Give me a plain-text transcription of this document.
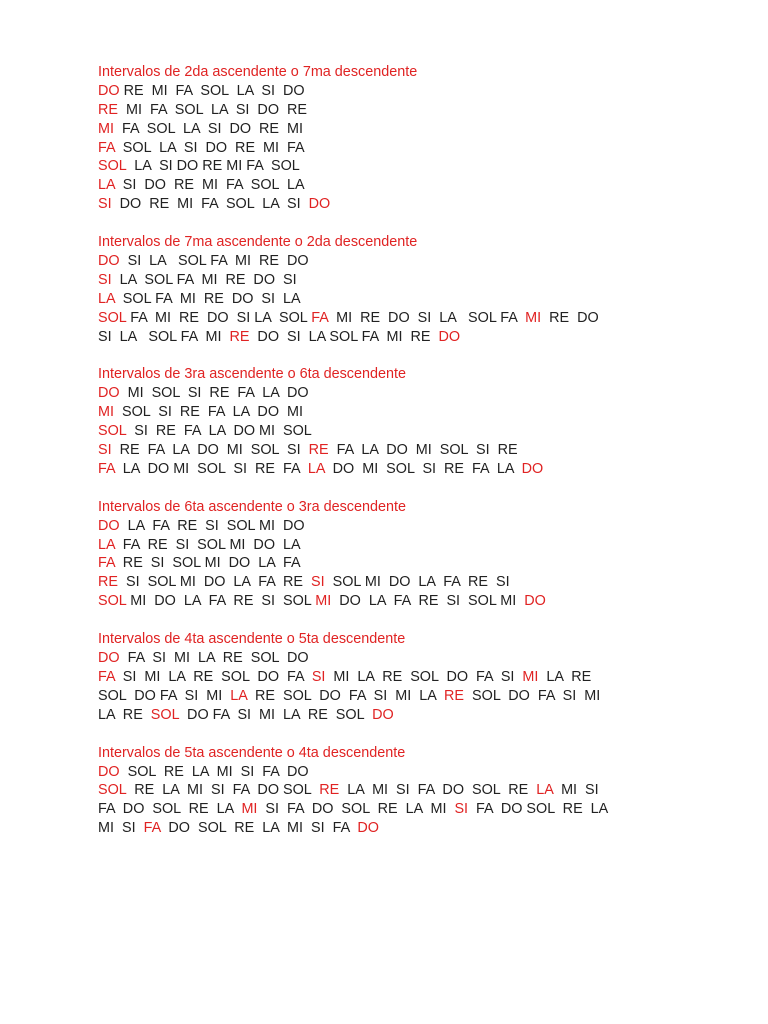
Intervalos de 2da ascendente o 7ma descendente
DO RE  MI  FA  SOL  LA  SI  DO
RE  MI  FA  SOL  LA  SI  DO  RE
MI  FA  SOL  LA  SI  DO  RE  MI
FA  SOL  LA  SI  DO  RE  MI  FA
SOL  LA  SI DO RE MI FA  SOL
LA  SI  DO  RE  MI  FA  SOL  LA
SI  DO  RE  MI  FA  SOL  LA  SI  DO
Intervalos de 7ma ascendente o 2da descendente
DO  SI  LA   SOL FA  MI  RE  DO
SI  LA  SOL FA  MI  RE  DO  SI
LA  SOL FA  MI  RE  DO  SI  LA
SOL FA  MI  RE  DO  SI LA  SOL FA  MI  RE  DO  SI  LA   SOL FA  MI  RE  DO
SI  LA   SOL FA  MI  RE  DO  SI  LA SOL FA  MI  RE  DO
Intervalos de 3ra ascendente o 6ta descendente
DO  MI  SOL  SI  RE  FA  LA  DO
MI  SOL  SI  RE  FA  LA  DO  MI
SOL  SI  RE  FA  LA  DO MI  SOL
SI  RE  FA  LA  DO  MI  SOL  SI  RE  FA  LA  DO  MI  SOL  SI  RE
FA  LA  DO MI  SOL  SI  RE  FA  LA  DO  MI  SOL  SI  RE  FA  LA  DO
Intervalos de 6ta ascendente o 3ra descendente
DO  LA  FA  RE  SI  SOL MI  DO
LA  FA  RE  SI  SOL MI  DO  LA
FA  RE  SI  SOL MI  DO  LA  FA
RE  SI  SOL MI  DO  LA  FA  RE  SI  SOL MI  DO  LA  FA  RE  SI
SOL MI  DO  LA  FA  RE  SI  SOL MI  DO  LA  FA  RE  SI  SOL MI  DO
Intervalos de 4ta ascendente o 5ta descendente
DO  FA  SI  MI  LA  RE  SOL  DO
FA  SI  MI  LA  RE  SOL  DO  FA  SI  MI  LA  RE  SOL  DO  FA  SI  MI  LA  RE
SOL  DO FA  SI  MI  LA  RE  SOL  DO  FA  SI  MI  LA  RE  SOL  DO  FA  SI  MI
LA  RE  SOL  DO FA  SI  MI  LA  RE  SOL  DO
Intervalos de 5ta ascendente o 4ta descendente
DO  SOL  RE  LA  MI  SI  FA  DO
SOL  RE  LA  MI  SI  FA  DO SOL  RE  LA  MI  SI  FA  DO  SOL  RE  LA  MI  SI
FA  DO  SOL  RE  LA  MI  SI  FA  DO  SOL  RE  LA  MI  SI  FA  DO SOL  RE  LA
MI  SI  FA  DO  SOL  RE  LA  MI  SI  FA  DO
